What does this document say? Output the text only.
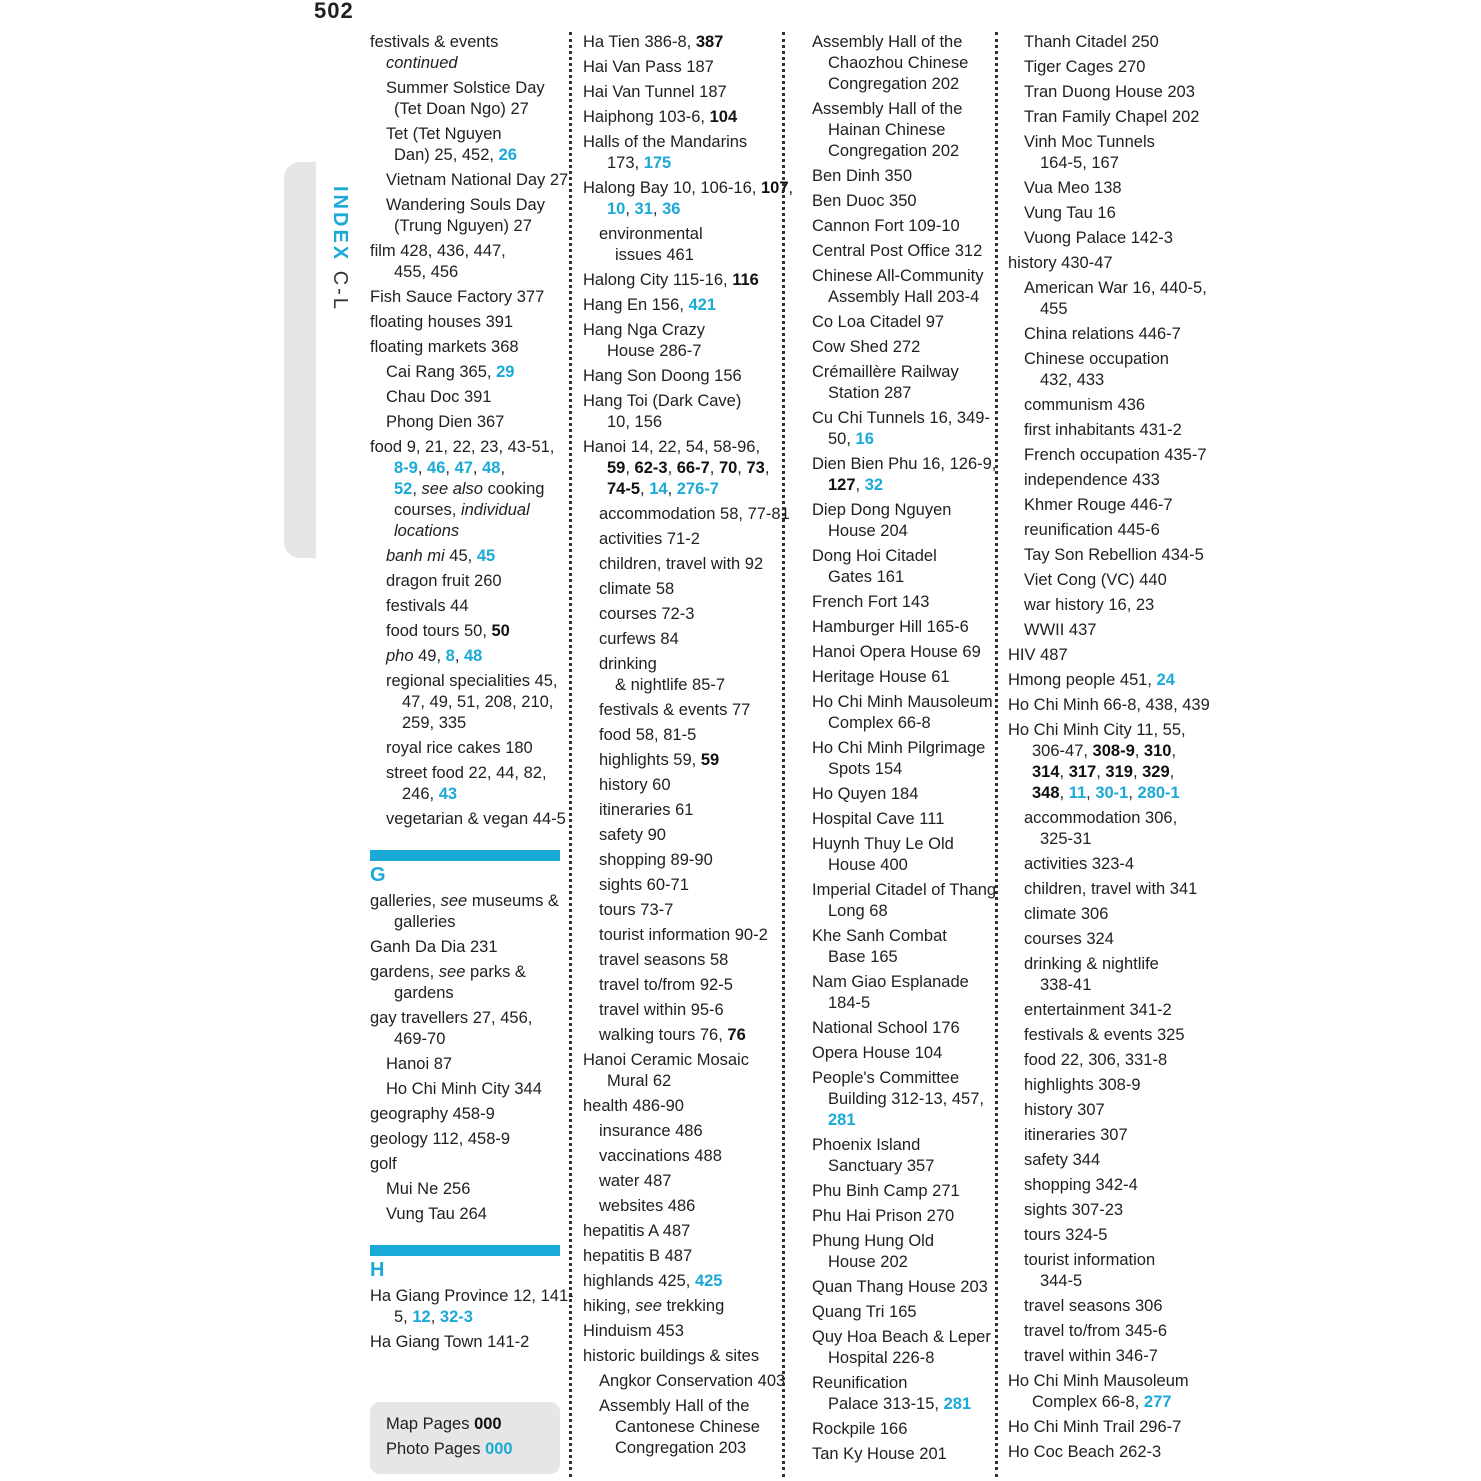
502
INDEX C-L
festivals & events
continued
Summer Solstice Day
(Tet Doan Ngo) 27
Tet (Tet Nguyen
Dan) 25, 452, 26
Vietnam National Day 27
Wandering Souls Day
(Trung Nguyen) 27
film 428, 436, 447,
455, 456
Fish Sauce Factory 377
floating houses 391
floating markets 368
Cai Rang 365, 29
Chau Doc 391
Phong Dien 367
food 9, 21, 22, 23, 43-51,
8-9, 46, 47, 48,
52, see also cooking
courses, individual
locations
banh mi 45, 45
dragon fruit 260
festivals 44
food tours 50, 50
pho 49, 8, 48
regional specialities 45,
47, 49, 51, 208, 210,
259, 335
royal rice cakes 180
street food 22, 44, 82,
246, 43
vegetarian & vegan 44-5
G
galleries, see museums &
galleries
Ganh Da Dia 231
gardens, see parks &
gardens
gay travellers 27, 456,
469-70
Hanoi 87
Ho Chi Minh City 344
geography 458-9
geology 112, 458-9
golf
Mui Ne 256
Vung Tau 264
H
Ha Giang Province 12, 141-
5, 12, 32-3
Ha Giang Town 141-2
Ha Tien 386-8, 387
Hai Van Pass 187
Hai Van Tunnel 187
Haiphong 103-6, 104
Halls of the Mandarins
173, 175
Halong Bay 10, 106-16, 107,
10, 31, 36
environmental
issues 461
Halong City 115-16, 116
Hang En 156, 421
Hang Nga Crazy
House 286-7
Hang Son Doong 156
Hang Toi (Dark Cave)
10, 156
Hanoi 14, 22, 54, 58-96,
59, 62-3, 66-7, 70, 73,
74-5, 14, 276-7
accommodation 58, 77-81
activities 71-2
children, travel with 92
climate 58
courses 72-3
curfews 84
drinking
& nightlife 85-7
festivals & events 77
food 58, 81-5
highlights 59, 59
history 60
itineraries 61
safety 90
shopping 89-90
sights 60-71
tours 73-7
tourist information 90-2
travel seasons 58
travel to/from 92-5
travel within 95-6
walking tours 76, 76
Hanoi Ceramic Mosaic
Mural 62
health 486-90
insurance 486
vaccinations 488
water 487
websites 486
hepatitis A 487
hepatitis B 487
highlands 425, 425
hiking, see trekking
Hinduism 453
historic buildings & sites
Angkor Conservation 403
Assembly Hall of the
Cantonese Chinese
Congregation 203
Assembly Hall of the
Chaozhou Chinese
Congregation 202
Assembly Hall of the
Hainan Chinese
Congregation 202
Ben Dinh 350
Ben Duoc 350
Cannon Fort 109-10
Central Post Office 312
Chinese All-Community
Assembly Hall 203-4
Co Loa Citadel 97
Cow Shed 272
Crémaillère Railway
Station 287
Cu Chi Tunnels 16, 349-
50, 16
Dien Bien Phu 16, 126-9,
127, 32
Diep Dong Nguyen
House 204
Dong Hoi Citadel
Gates 161
French Fort 143
Hamburger Hill 165-6
Hanoi Opera House 69
Heritage House 61
Ho Chi Minh Mausoleum
Complex 66-8
Ho Chi Minh Pilgrimage
Spots 154
Ho Quyen 184
Hospital Cave 111
Huynh Thuy Le Old
House 400
Imperial Citadel of Thang
Long 68
Khe Sanh Combat
Base 165
Nam Giao Esplanade
184-5
National School 176
Opera House 104
People's Committee
Building 312-13, 457,
281
Phoenix Island
Sanctuary 357
Phu Binh Camp 271
Phu Hai Prison 270
Phung Hung Old
House 202
Quan Thang House 203
Quang Tri 165
Quy Hoa Beach & Leper
Hospital 226-8
Reunification
Palace 313-15, 281
Rockpile 166
Tan Ky House 201
Thanh Citadel 250
Tiger Cages 270
Tran Duong House 203
Tran Family Chapel 202
Vinh Moc Tunnels
164-5, 167
Vua Meo 138
Vung Tau 16
Vuong Palace 142-3
history 430-47
American War 16, 440-5,
455
China relations 446-7
Chinese occupation
432, 433
communism 436
first inhabitants 431-2
French occupation 435-7
independence 433
Khmer Rouge 446-7
reunification 445-6
Tay Son Rebellion 434-5
Viet Cong (VC) 440
war history 16, 23
WWII 437
HIV 487
Hmong people 451, 24
Ho Chi Minh 66-8, 438, 439
Ho Chi Minh City 11, 55,
306-47, 308-9, 310,
314, 317, 319, 329,
348, 11, 30-1, 280-1
accommodation 306,
325-31
activities 323-4
children, travel with 341
climate 306
courses 324
drinking & nightlife
338-41
entertainment 341-2
festivals & events 325
food 22, 306, 331-8
highlights 308-9
history 307
itineraries 307
safety 344
shopping 342-4
sights 307-23
tours 324-5
tourist information
344-5
travel seasons 306
travel to/from 345-6
travel within 346-7
Ho Chi Minh Mausoleum
Complex 66-8, 277
Ho Chi Minh Trail 296-7
Ho Coc Beach 262-3
Map Pages 000
Photo Pages 000
